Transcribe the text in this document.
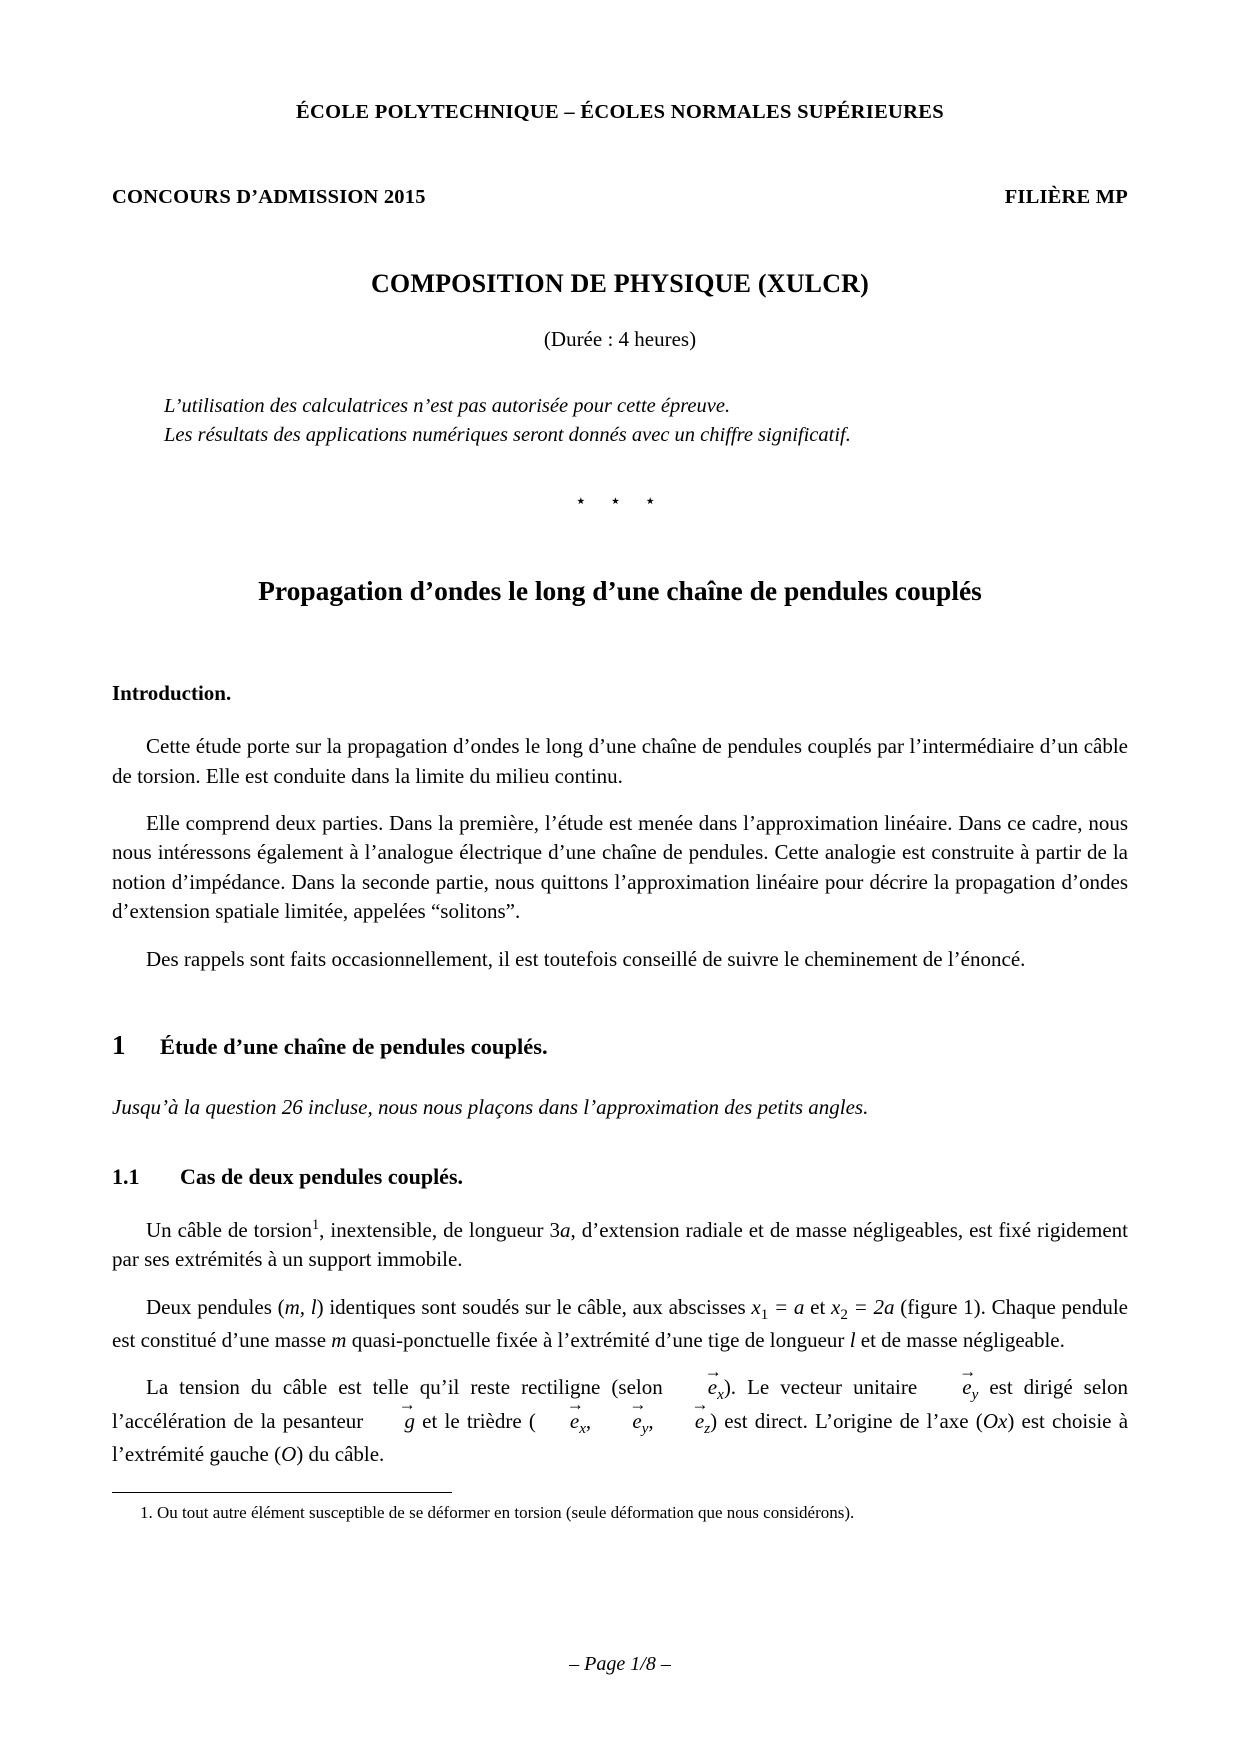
ÉCOLE POLYTECHNIQUE – ÉCOLES NORMALES SUPÉRIEURES
CONCOURS D’ADMISSION 2015	FILIÈRE MP
COMPOSITION DE PHYSIQUE (XULCR)
(Durée : 4 heures)
L’utilisation des calculatrices n’est pas autorisée pour cette épreuve.
Les résultats des applications numériques seront donnés avec un chiffre significatif.
⋆ ⋆ ⋆
Propagation d’ondes le long d’une chaîne de pendules couplés
Introduction.

Cette étude porte sur la propagation d’ondes le long d’une chaîne de pendules couplés par l’intermédiaire d’un câble de torsion. Elle est conduite dans la limite du milieu continu.

Elle comprend deux parties. Dans la première, l’étude est menée dans l’approximation linéaire. Dans ce cadre, nous nous intéressons également à l’analogue électrique d’une chaîne de pendules. Cette analogie est construite à partir de la notion d’impédance. Dans la seconde partie, nous quittons l’approximation linéaire pour décrire la propagation d’ondes d’extension spatiale limitée, appelées “solitons”.

Des rappels sont faits occasionnellement, il est toutefois conseillé de suivre le cheminement de l’énoncé.

1	Étude d’une chaîne de pendules couplés.
Jusqu’à la question 26 incluse, nous nous plaçons dans l’approximation des petits angles.
1.1	Cas de deux pendules couplés.

Un câble de torsion$^1$, inextensible, de longueur 3a, d’extension radiale et de masse négligeables, est fixé rigidement par ses extrémités à un support immobile.

Deux pendules (m, l) identiques sont soudés sur le câble, aux abscisses $x_1 = a$ et $x_2 = 2a$ (figure 1). Chaque pendule est constitué d’une masse m quasi-ponctuelle fixée à l’extrémité d’une tige de longueur l et de masse négligeable.

La tension du câble est telle qu’il reste rectiligne (selon $e_x$ →). Le vecteur unitaire $e_y$ → est dirigé selon l’accélération de la pesanteur g → et le trièdre ( $e_x$ →, $e_y$ →, $e_z$ →) est direct. L’origine de l’axe (Ox) est choisie à l’extrémité gauche (O) du câble.

1. Ou tout autre élément susceptible de se déformer en torsion (seule déformation que nous considérons).
– Page 1/8 –
